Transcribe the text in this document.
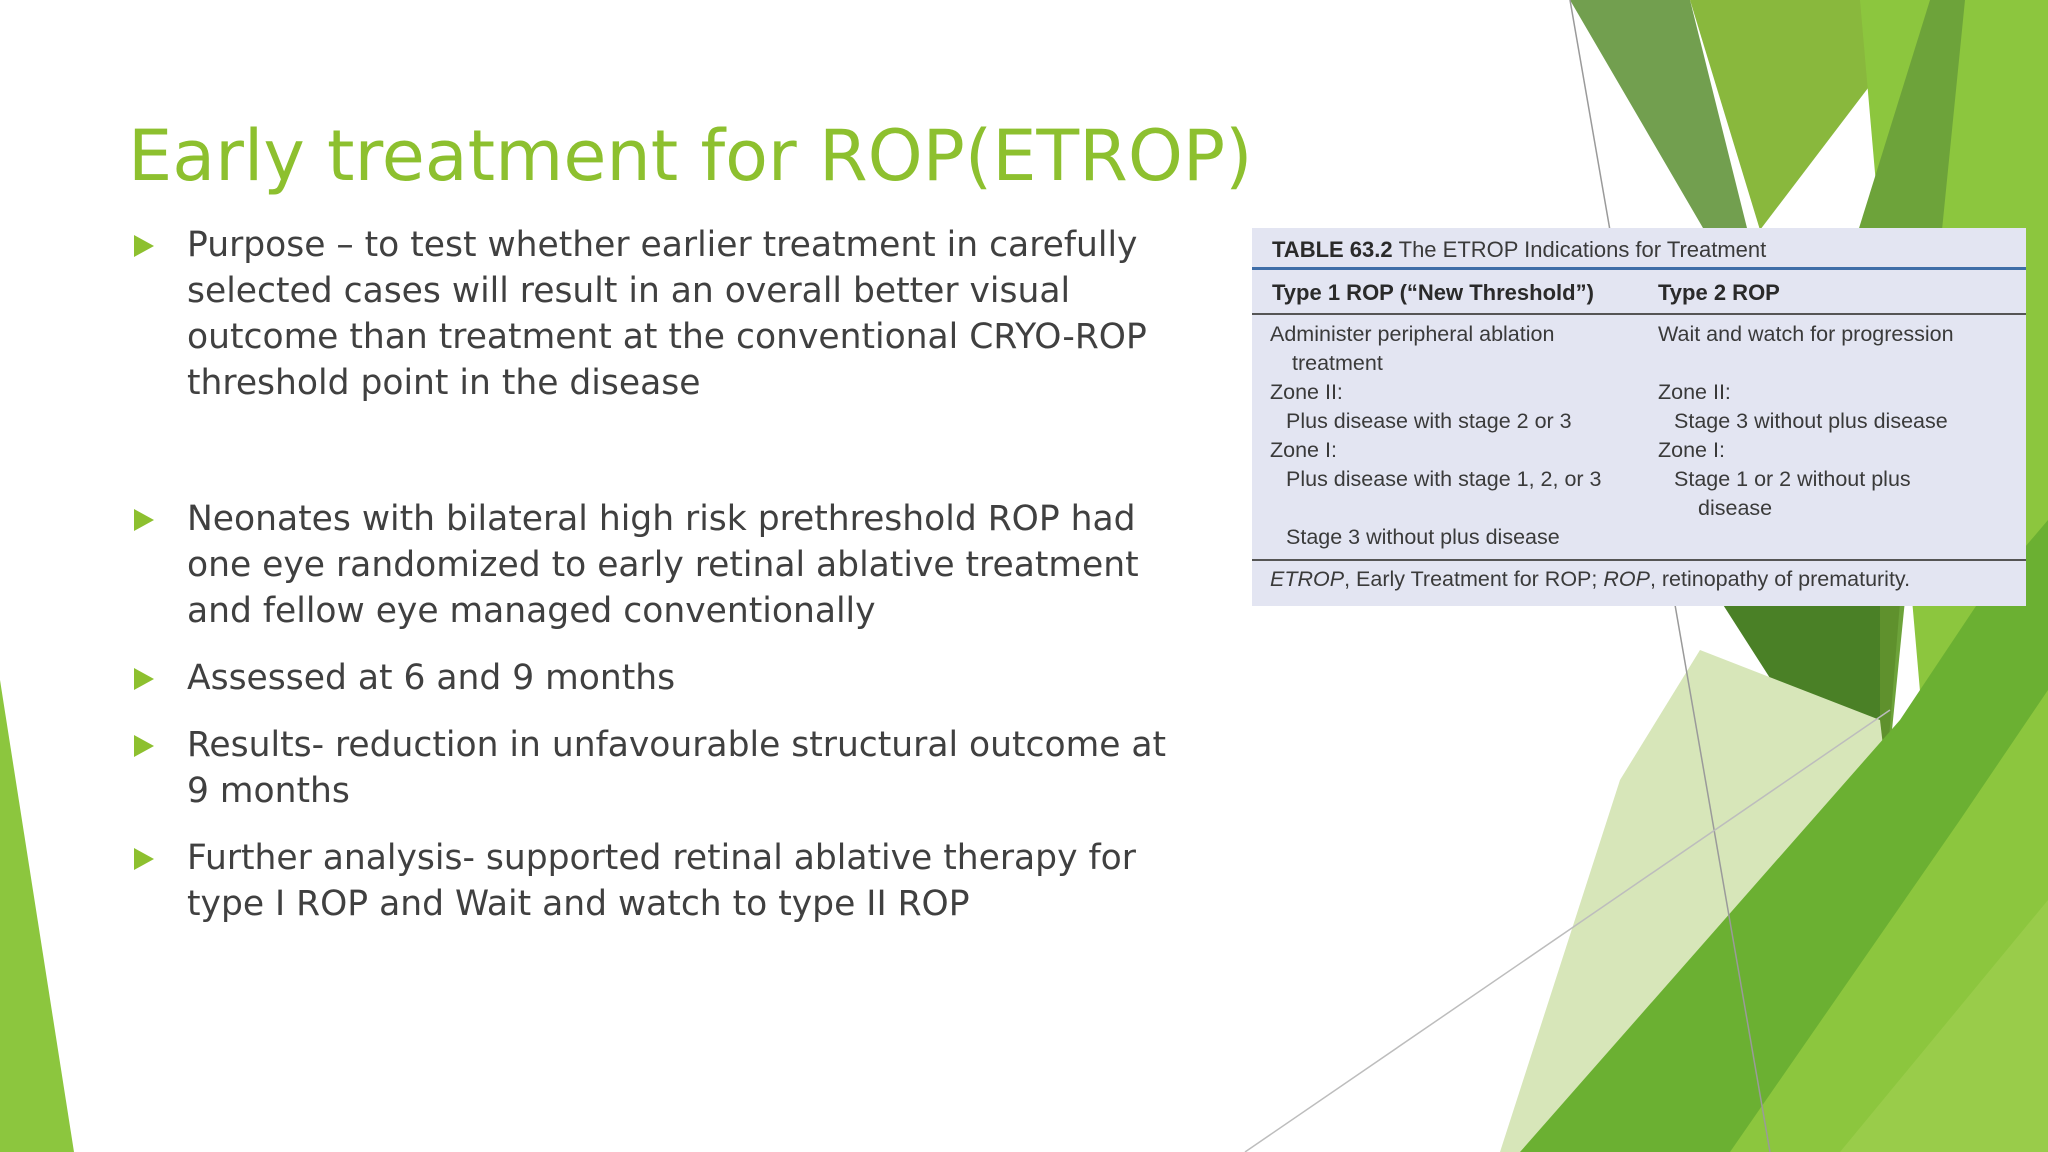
Early treatment for ROP(ETROP)
Purpose – to test whether earlier treatment in carefully selected cases will result in an overall better visual outcome than treatment at the conventional CRYO-ROP threshold point in the disease
Neonates with bilateral high risk prethreshold ROP had one eye randomized to early retinal ablative treatment and fellow eye managed conventionally
Assessed at 6 and 9 months
Results- reduction in unfavourable structural outcome at 9 months
Further analysis- supported retinal ablative therapy for type I ROP and Wait and watch to type II ROP
TABLE 63.2 The ETROP Indications for Treatment
Type 1 ROP (“New Threshold”)	Type 2 ROP
Administer peripheral ablation
treatment
Zone II:
Plus disease with stage 2 or 3
Zone I:
Plus disease with stage 1, 2, or 3
Stage 3 without plus disease
Wait and watch for progression
Zone II:
Stage 3 without plus disease
Zone I:
Stage 1 or 2 without plus
disease
ETROP, Early Treatment for ROP; ROP, retinopathy of prematurity.
